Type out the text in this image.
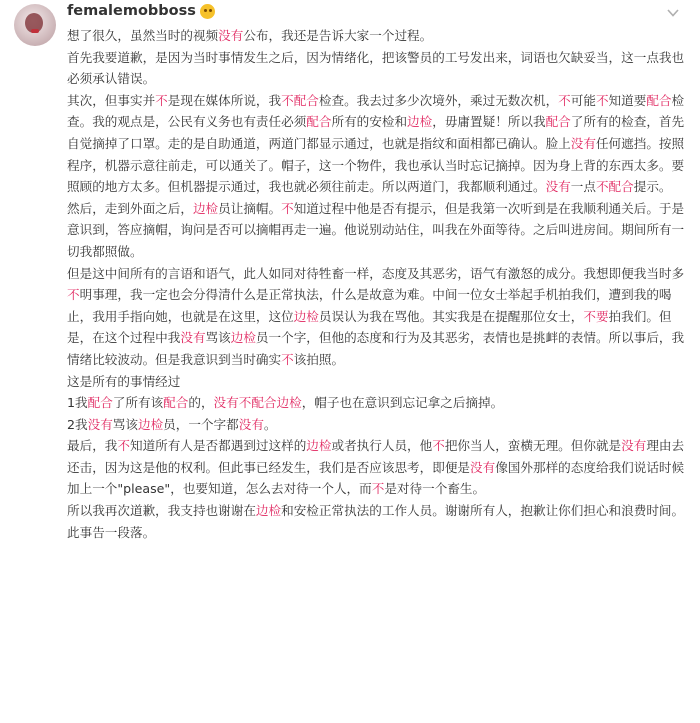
femalemobboss

想了很久，虽然当时的视频没有公布，我还是告诉大家一个过程。

首先我要道歉，是因为当时事情发生之后，因为情绪化，把该警员的工号发出来，词语也欠缺妥当，这一点我也必须承认错误。

其次，但事实并不是现在媒体所说，我不配合检查。我去过多少次境外，乘过无数次机，不可能不知道要配合检查。我的观点是，公民有义务也有责任必须配合所有的安检和边检，毋庸置疑！所以我配合了所有的检查，首先自觉摘掉了口罩。走的是自助通道，两道门都显示通过，也就是指纹和面相都已确认。脸上没有任何遮挡。按照程序，机器示意往前走，可以通关了。帽子，这一个物件，我也承认当时忘记摘掉。因为身上背的东西太多。要照顾的地方太多。但机器提示通过，我也就必须往前走。所以两道门，我都顺利通过。没有一点不配合提示。

然后，走到外面之后，边检员让摘帽。不知道过程中他是否有提示，但是我第一次听到是在我顺利通关后。于是意识到，答应摘帽，询问是否可以摘帽再走一遍。他说别动站住，叫我在外面等待。之后叫进房间。期间所有一切我都照做。

但是这中间所有的言语和语气，此人如同对待牲畜一样，态度及其恶劣，语气有激怒的成分。我想即便我当时多不明事理，我一定也会分得清什么是正常执法，什么是故意为难。中间一位女士举起手机拍我们，遭到我的喝止，我用手指向她，也就是在这里，这位边检员误认为我在骂他。其实我是在提醒那位女士，不要拍我们。但是，在这个过程中我没有骂该边检员一个字，但他的态度和行为及其恶劣，表情也是挑衅的表情。所以事后，我情绪比较波动。但是我意识到当时确实不该拍照。

这是所有的事情经过

1我配合了所有该配合的，没有不配合边检，帽子也在意识到忘记拿之后摘掉。

2我没有骂该边检员，一个字都没有。

最后，我不知道所有人是否都遇到过这样的边检或者执行人员，他不把你当人，蛮横无理。但你就是没有理由去还击，因为这是他的权利。但此事已经发生，我们是否应该思考，即便是没有像国外那样的态度给我们说话时候加上一个"please"，也要知道，怎么去对待一个人，而不是对待一个畜生。

所以我再次道歉，我支持也谢谢在边检和安检正常执法的工作人员。谢谢所有人，抱歉让你们担心和浪费时间。此事告一段落。
